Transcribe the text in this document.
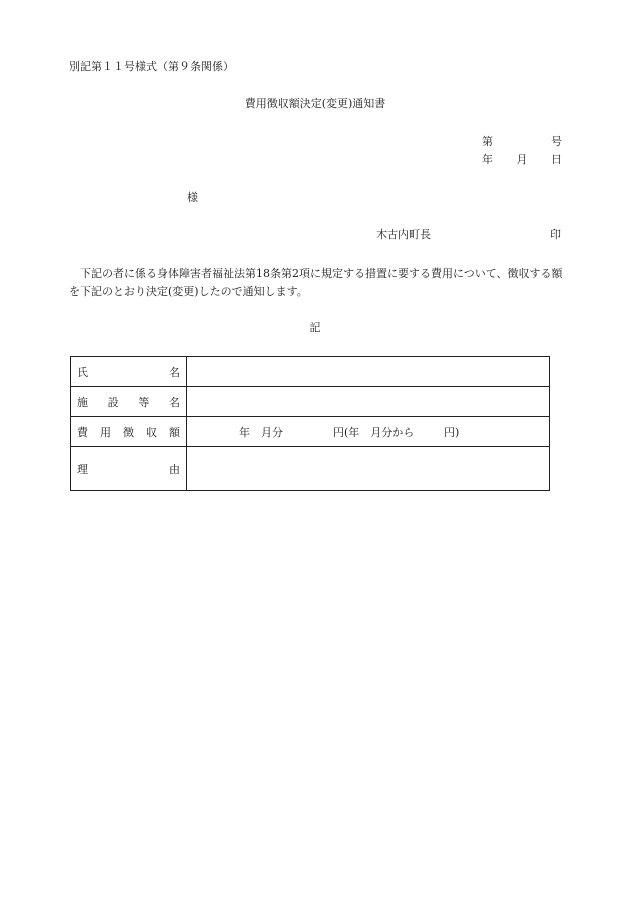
別記第１１号様式（第９条関係）
費用徴収額決定(変更)通知書
第	号
年 月 日
様
木古内町長	印
下記の者に係る身体障害者福祉法第18条第2項に規定する措置に要する費用について、徴収する額を下記のとおり決定(変更)したので通知します。
記
氏 名	

施 設 等 名	

費 用 徴 収 額	年　月分 円(年　月分から 円)

理 由	
